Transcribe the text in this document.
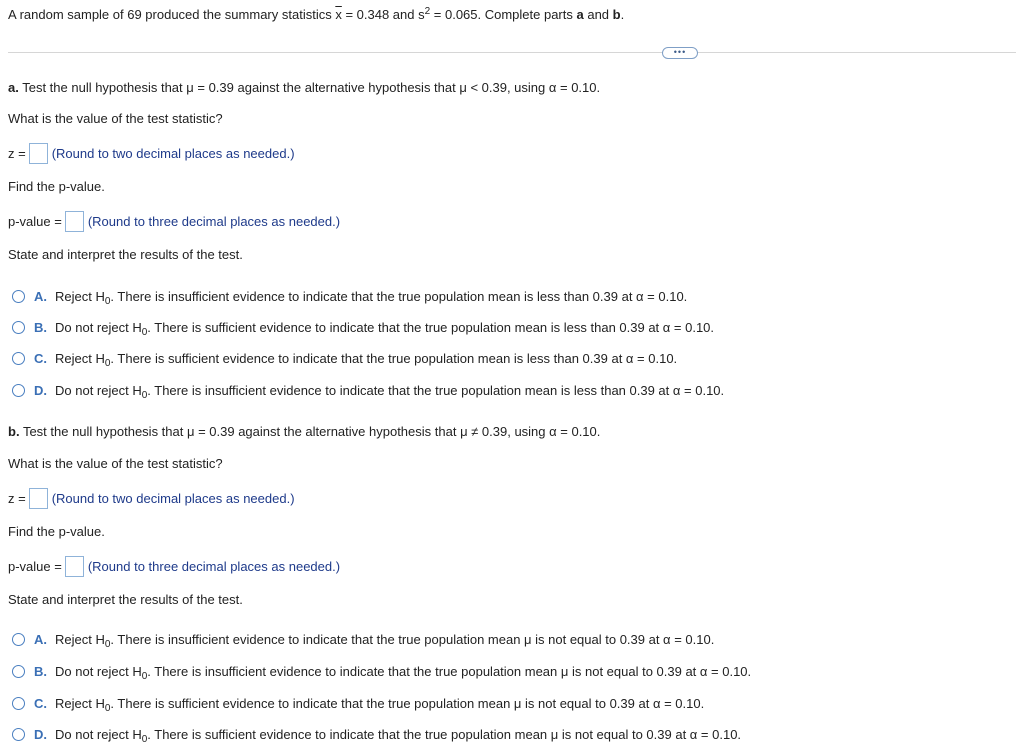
A random sample of 69 produced the summary statistics $\overline{x} = 0.348$ and $s^2 = 0.065$. Complete parts a and b.
•••
a. Test the null hypothesis that μ = 0.39 against the alternative hypothesis that μ < 0.39, using α = 0.10.
What is the value of the test statistic?
z = (Round to two decimal places as needed.)
Find the p-value.
p-value = (Round to three decimal places as needed.)
State and interpret the results of the test.
A. Reject $H_0$. There is insufficient evidence to indicate that the true population mean is less than 0.39 at α = 0.10.
B. Do not reject $H_0$. There is sufficient evidence to indicate that the true population mean is less than 0.39 at α = 0.10.
C. Reject $H_0$. There is sufficient evidence to indicate that the true population mean is less than 0.39 at α = 0.10.
D. Do not reject $H_0$. There is insufficient evidence to indicate that the true population mean is less than 0.39 at α = 0.10.
b. Test the null hypothesis that μ = 0.39 against the alternative hypothesis that μ ≠ 0.39, using α = 0.10.
What is the value of the test statistic?
z = (Round to two decimal places as needed.)
Find the p-value.
p-value = (Round to three decimal places as needed.)
State and interpret the results of the test.
A. Reject $H_0$. There is insufficient evidence to indicate that the true population mean μ is not equal to 0.39 at α = 0.10.
B. Do not reject $H_0$. There is insufficient evidence to indicate that the true population mean μ is not equal to 0.39 at α = 0.10.
C. Reject $H_0$. There is sufficient evidence to indicate that the true population mean μ is not equal to 0.39 at α = 0.10.
D. Do not reject $H_0$. There is sufficient evidence to indicate that the true population mean μ is not equal to 0.39 at α = 0.10.
